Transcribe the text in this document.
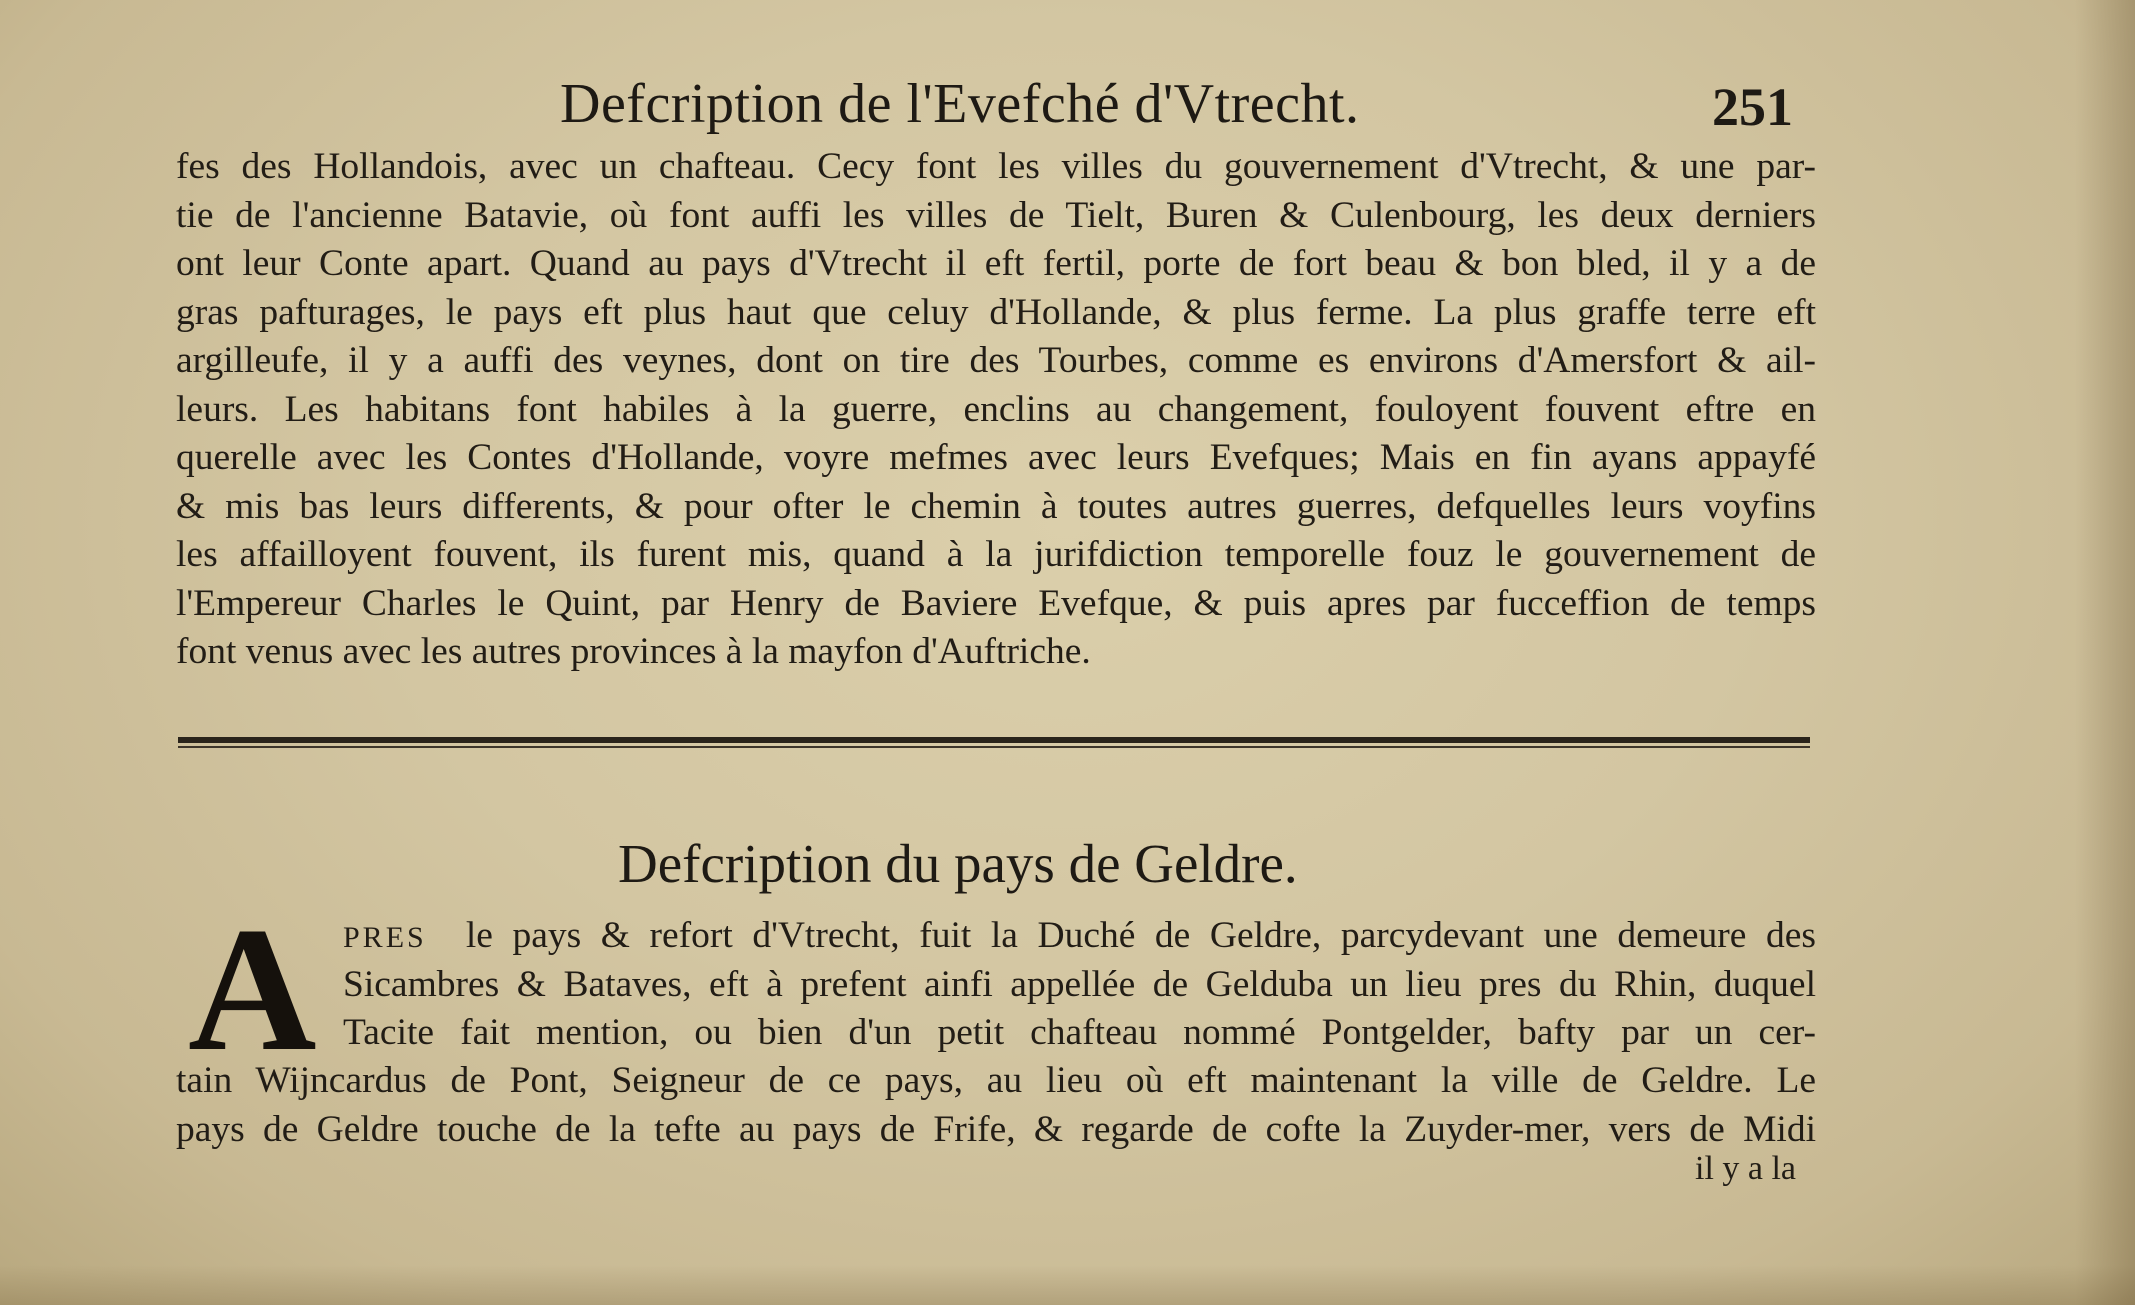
Defcription de l'Evefché d'Vtrecht.	251
fes des Hollandois, avec un chafteau. Cecy font les villes du gouvernement d'Vtrecht, & une par-
tie de l'ancienne Batavie, où font auffi les villes de Tielt, Buren & Culenbourg, les deux derniers
ont leur Conte apart. Quand au pays d'Vtrecht il eft fertil, porte de fort beau & bon bled, il y a de
gras pafturages, le pays eft plus haut que celuy d'Hollande, & plus ferme. La plus graffe terre eft
argilleufe, il y a auffi des veynes, dont on tire des Tourbes, comme es environs d'Amersfort & ail-
leurs. Les habitans font habiles à la guerre, enclins au changement, fouloyent fouvent eftre en
querelle avec les Contes d'Hollande, voyre mefmes avec leurs Evefques; Mais en fin ayans appayfé
& mis bas leurs differents, & pour ofter le chemin à toutes autres guerres, defquelles leurs voyfins
les affailloyent fouvent, ils furent mis, quand à la jurifdiction temporelle fouz le gouvernement de
l'Empereur Charles le Quint, par Henry de Baviere Evefque, & puis apres par fucceffion de temps
font venus avec les autres provinces à la mayfon d'Auftriche.
Defcription du pays de Geldre.
A PRES le pays & refort d'Vtrecht, fuit la Duché de Geldre, parcydevant une demeure des
Sicambres & Bataves, eft à prefent ainfi appellée de Gelduba un lieu pres du Rhin, duquel
Tacite fait mention, ou bien d'un petit chafteau nommé Pontgelder, bafty par un cer-
tain Wijncardus de Pont, Seigneur de ce pays, au lieu où eft maintenant la ville de Geldre. Le
pays de Geldre touche de la tefte au pays de Frife, & regarde de cofte la Zuyder-mer, vers de Midi
il y a la
